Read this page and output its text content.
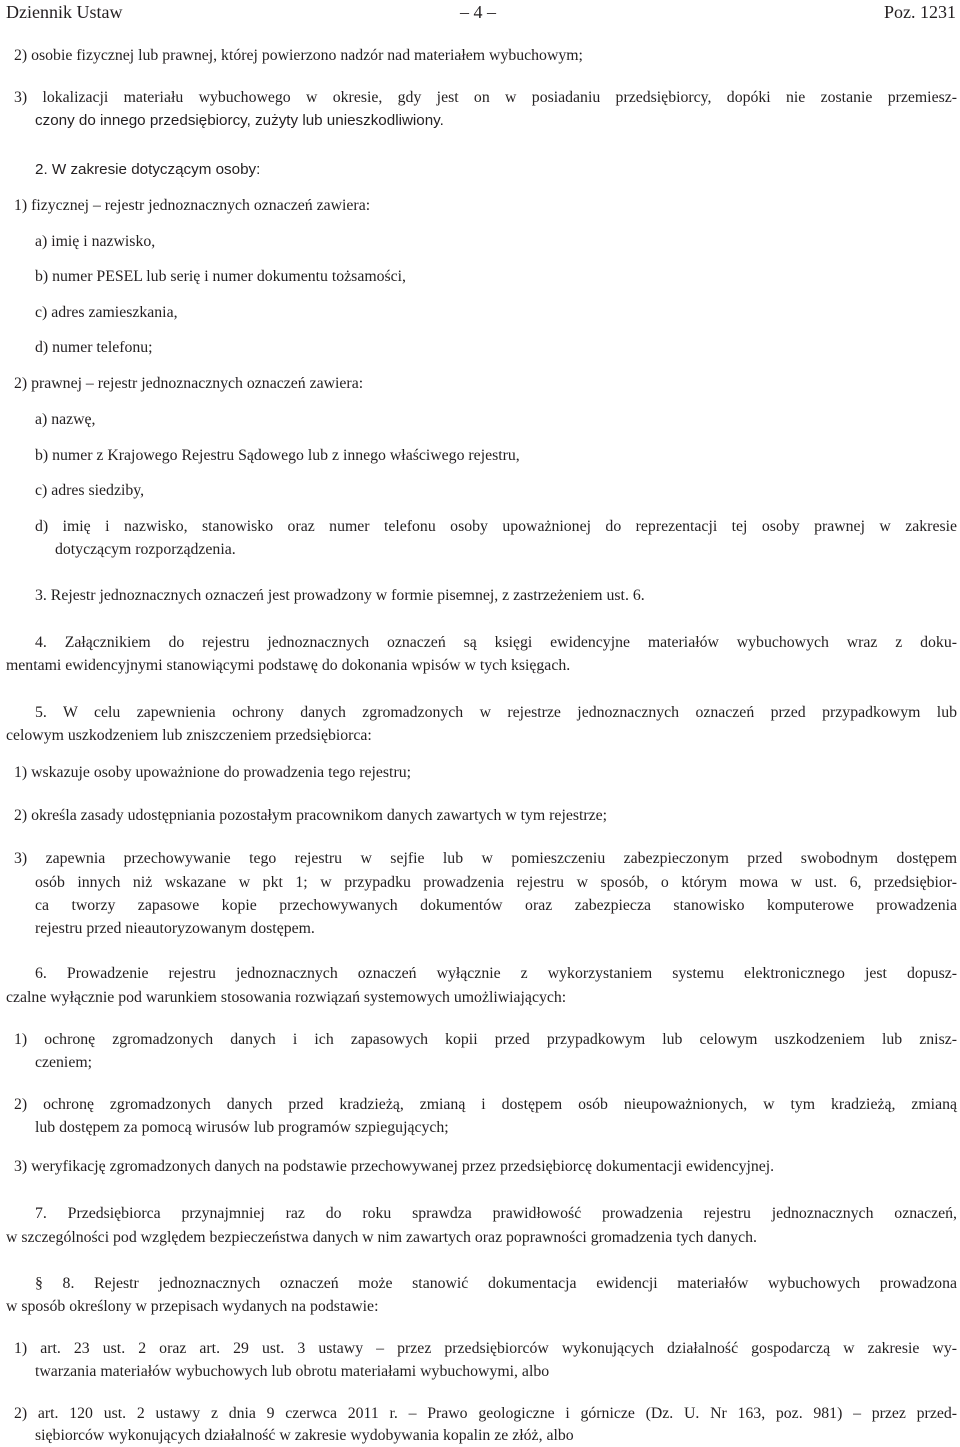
Dziennik Ustaw	– 4 –	Poz. 1231
2) osobie fizycznej lub prawnej, której powierzono nadzór nad materiałem wybuchowym;
3) lokalizacji materiału wybuchowego w okresie, gdy jest on w posiadaniu przedsiębiorcy, dopóki nie zostanie przemiesz-
czony do innego przedsiębiorcy, zużyty lub unieszkodliwiony.
2. W zakresie dotyczącym osoby:
1) fizycznej – rejestr jednoznacznych oznaczeń zawiera:
a) imię i nazwisko,
b) numer PESEL lub serię i numer dokumentu tożsamości,
c) adres zamieszkania,
d) numer telefonu;
2) prawnej – rejestr jednoznacznych oznaczeń zawiera:
a) nazwę,
b) numer z Krajowego Rejestru Sądowego lub z innego właściwego rejestru,
c) adres siedziby,
d) imię i nazwisko, stanowisko oraz numer telefonu osoby upoważnionej do reprezentacji tej osoby prawnej w zakresie
dotyczącym rozporządzenia.
3. Rejestr jednoznacznych oznaczeń jest prowadzony w formie pisemnej, z zastrzeżeniem ust. 6.
4. Załącznikiem do rejestru jednoznacznych oznaczeń są księgi ewidencyjne materiałów wybuchowych wraz z doku-
mentami ewidencyjnymi stanowiącymi podstawę do dokonania wpisów w tych księgach.
5. W celu zapewnienia ochrony danych zgromadzonych w rejestrze jednoznacznych oznaczeń przed przypadkowym lub
celowym uszkodzeniem lub zniszczeniem przedsiębiorca:
1) wskazuje osoby upoważnione do prowadzenia tego rejestru;
2) określa zasady udostępniania pozostałym pracownikom danych zawartych w tym rejestrze;
3) zapewnia przechowywanie tego rejestru w sejfie lub w pomieszczeniu zabezpieczonym przed swobodnym dostępem
osób innych niż wskazane w pkt 1; w przypadku prowadzenia rejestru w sposób, o którym mowa w ust. 6, przedsiębior-
ca tworzy zapasowe kopie przechowywanych dokumentów oraz zabezpiecza stanowisko komputerowe prowadzenia
rejestru przed nieautoryzowanym dostępem.
6. Prowadzenie rejestru jednoznacznych oznaczeń wyłącznie z wykorzystaniem systemu elektronicznego jest dopusz-
czalne wyłącznie pod warunkiem stosowania rozwiązań systemowych umożliwiających:
1) ochronę zgromadzonych danych i ich zapasowych kopii przed przypadkowym lub celowym uszkodzeniem lub znisz-
czeniem;
2) ochronę zgromadzonych danych przed kradzieżą, zmianą i dostępem osób nieupoważnionych, w tym kradzieżą, zmianą
lub dostępem za pomocą wirusów lub programów szpiegujących;
3) weryfikację zgromadzonych danych na podstawie przechowywanej przez przedsiębiorcę dokumentacji ewidencyjnej.
7. Przedsiębiorca przynajmniej raz do roku sprawdza prawidłowość prowadzenia rejestru jednoznacznych oznaczeń,
w szczególności pod względem bezpieczeństwa danych w nim zawartych oraz poprawności gromadzenia tych danych.
§ 8. Rejestr jednoznacznych oznaczeń może stanowić dokumentacja ewidencji materiałów wybuchowych prowadzona
w sposób określony w przepisach wydanych na podstawie:
1) art. 23 ust. 2 oraz art. 29 ust. 3 ustawy – przez przedsiębiorców wykonujących działalność gospodarczą w zakresie wy-
twarzania materiałów wybuchowych lub obrotu materiałami wybuchowymi, albo
2) art. 120 ust. 2 ustawy z dnia 9 czerwca 2011 r. – Prawo geologiczne i górnicze (Dz. U. Nr 163, poz. 981) – przez przed-
siębiorców wykonujących działalność w zakresie wydobywania kopalin ze złóż, albo
